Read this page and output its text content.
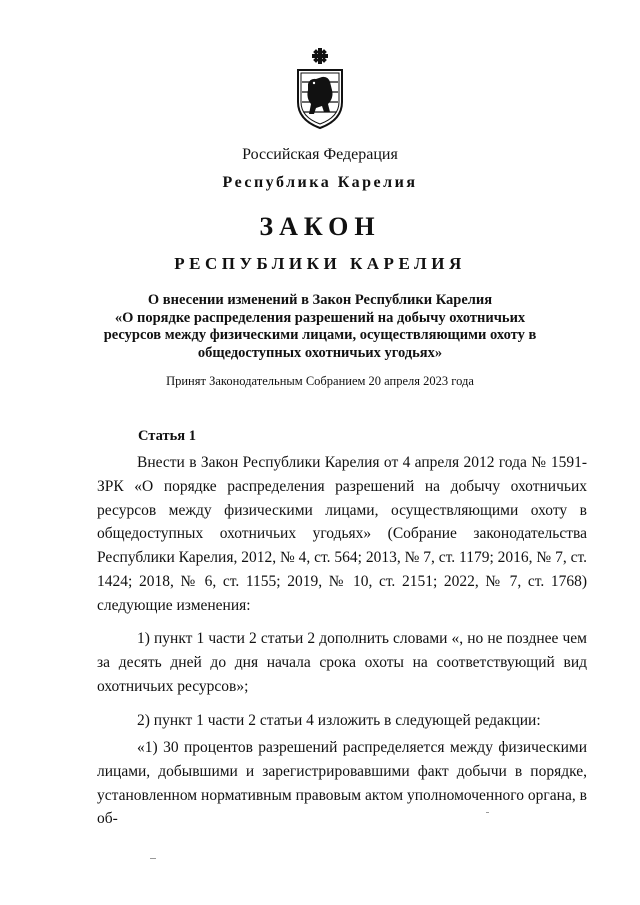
Российская Федерация
Республика Карелия
ЗАКОН
РЕСПУБЛИКИ КАРЕЛИЯ
О внесении изменений в Закон Республики Карелия
«О порядке распределения разрешений на добычу охотничьих
ресурсов между физическими лицами, осуществляющими охоту в
общедоступных охотничьих угодьях»
Принят Законодательным Собранием 20 апреля 2023 года
Статья 1
Внести в Закон Республики Карелия от 4 апреля 2012 года № 1591-ЗРК «О порядке распределения разрешений на добычу охотничьих ресурсов между физическими лицами, осуществляющими охоту в общедоступных охотничьих угодьях» (Собрание законодательства Республики Карелия, 2012, № 4, ст. 564; 2013, № 7, ст. 1179; 2016, № 7, ст. 1424; 2018, № 6, ст. 1155; 2019, № 10, ст. 2151; 2022, № 7, ст. 1768) следующие изменения:
1) пункт 1 части 2 статьи 2 дополнить словами «, но не позднее чем за десять дней до дня начала срока охоты на соответствующий вид охотничьих ресурсов»;
2) пункт 1 части 2 статьи 4 изложить в следующей редакции:
«1) 30 процентов разрешений распределяется между физическими лицами, добывшими и зарегистрировавшими факт добычи в порядке, установленном нормативным правовым актом уполномоченного органа, в об-
